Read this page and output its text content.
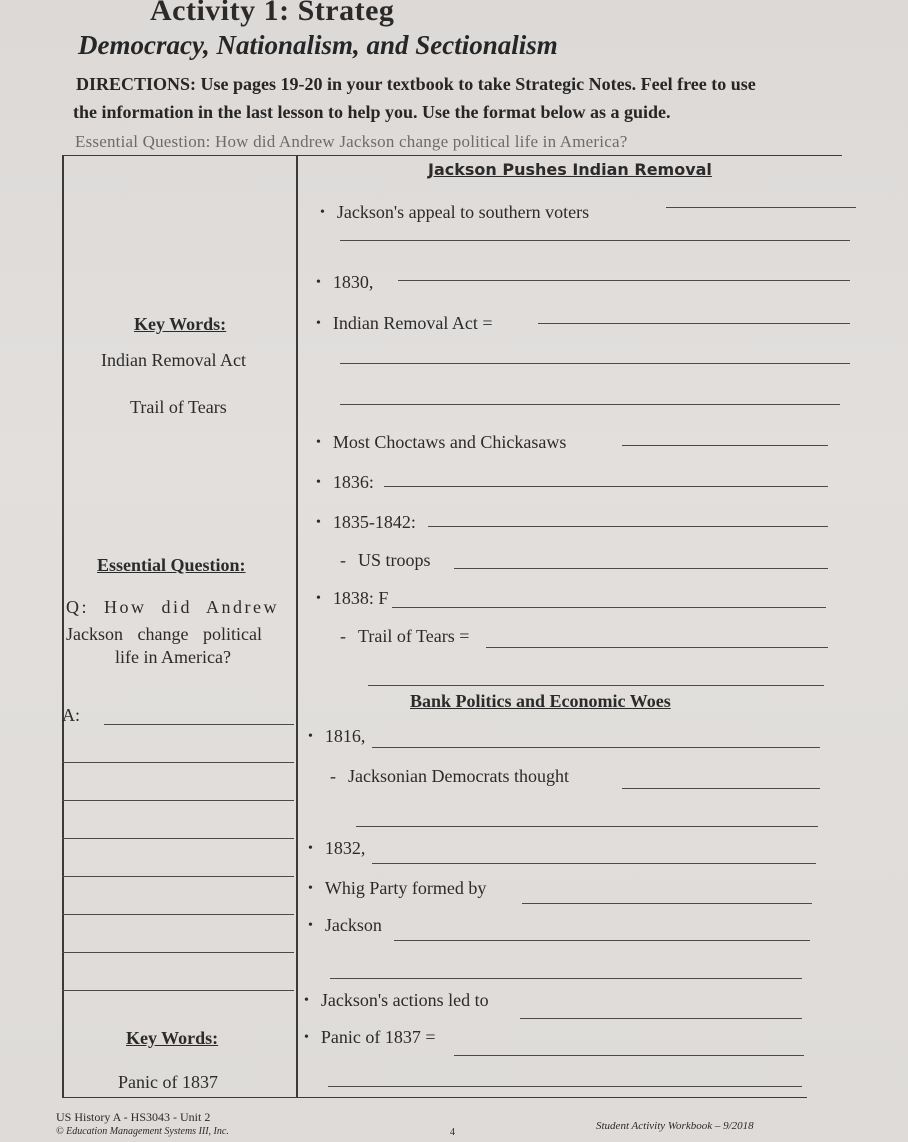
Activity 1: Strateg
Democracy, Nationalism, and Sectionalism
DIRECTIONS: Use pages 19-20 in your textbook to take Strategic Notes. Feel free to use
the information in the last lesson to help you. Use the format below as a guide.
Essential Question: How did Andrew Jackson change political life in America?
Key Words:
Indian Removal Act
Trail of Tears
Essential Question:
Q: How did Andrew
Jackson change political
life in America?
A:
Key Words:
Panic of 1837
Jackson Pushes Indian Removal
• Jackson's appeal to southern voters
• 1830,
• Indian Removal Act =
• Most Choctaws and Chickasaws
• 1836:
• 1835-1842:
- US troops
• 1838: F
- Trail of Tears =
Bank Politics and Economic Woes
• 1816,
- Jacksonian Democrats thought
• 1832,
• Whig Party formed by
• Jackson
• Jackson's actions led to
• Panic of 1837 =
US History A - HS3043 - Unit 2
© Education Management Systems III, Inc.	4
Student Activity Workbook – 9/2018
